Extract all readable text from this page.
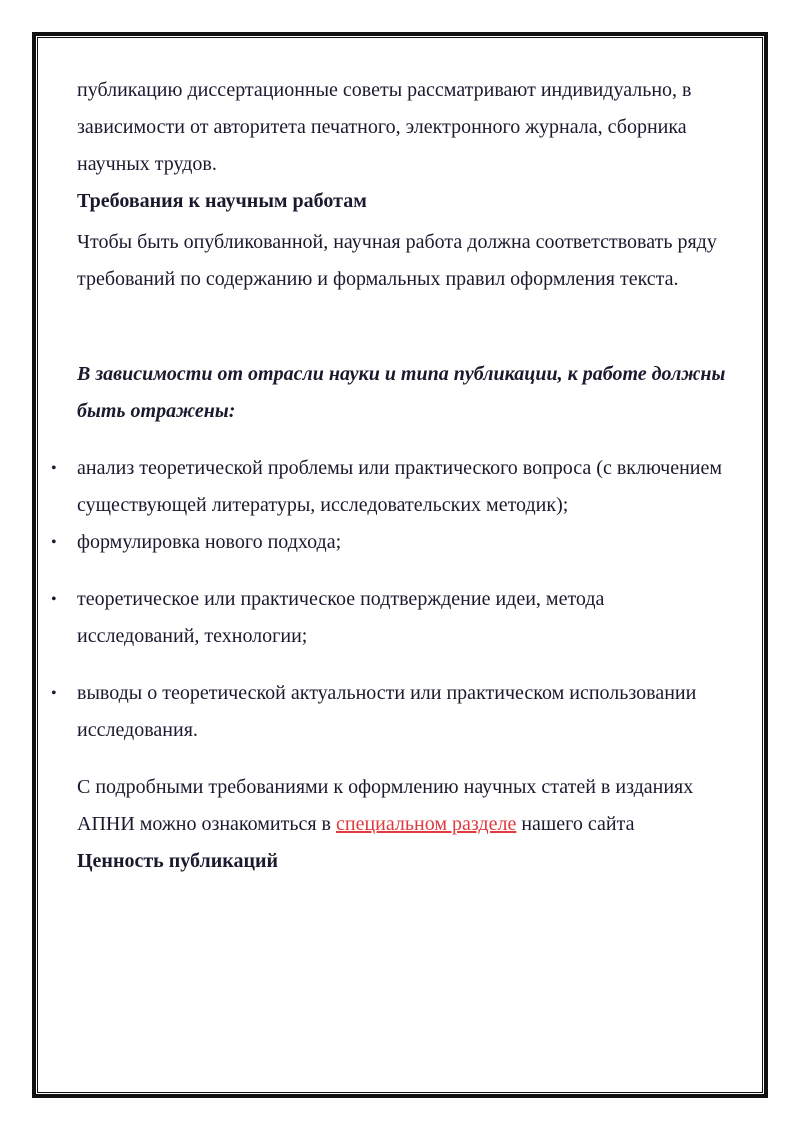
публикацию диссертационные советы рассматривают индивидуально, в зависимости от авторитета печатного, электронного журнала, сборника научных трудов.

Требования к научным работам

Чтобы быть опубликованной, научная работа должна соответствовать ряду требований по содержанию и формальных правил оформления текста.

В зависимости от отрасли науки и типа публикации, к работе должны быть отражены:

• анализ теоретической проблемы или практического вопроса (с включением существующей литературы, исследовательских методик);
• формулировка нового подхода;
• теоретическое или практическое подтверждение идеи, метода исследований, технологии;
• выводы о теоретической актуальности или практическом использовании исследования.

С подробными требованиями к оформлению научных статей в изданиях АПНИ можно ознакомиться в специальном разделе нашего сайта

Ценность публикаций
